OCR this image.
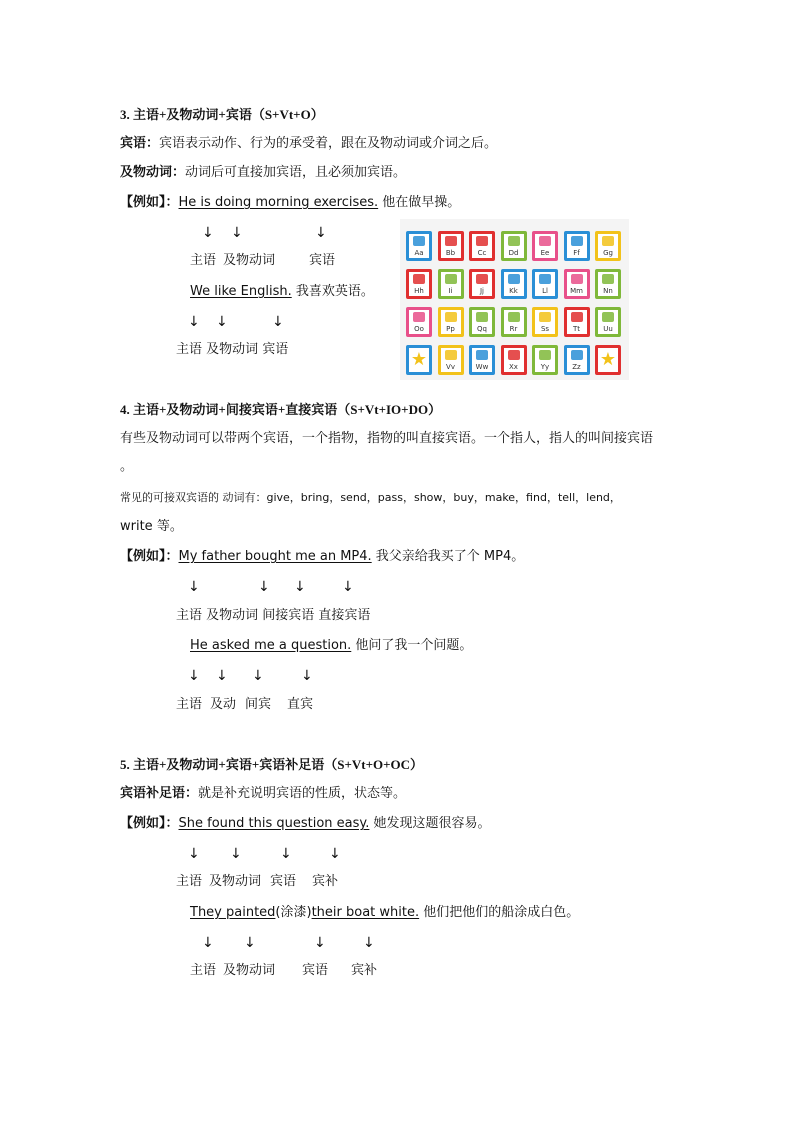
3. 主语+及物动词+宾语（S+Vt+O）
宾语：宾语表示动作、行为的承受着，跟在及物动词或介词之后。
及物动词：动词后可直接加宾语，且必须加宾语。
【例如】：He is doing morning exercises. 他在做早操。
↓ ↓	↓
主语 及物动词	宾语
We like English. 我喜欢英语。
↓ ↓	↓
主语 及物动词 宾语
Aa	Bb	Cc	Dd	Ee	Ff	Gg
Hh	Ii	Jj	Kk	Ll	Mm	Nn
Oo	Pp	Qq	Rr	Ss	Tt	Uu
★	Vv	Ww	Xx	Yy	Zz	★
4. 主语+及物动词+间接宾语+直接宾语（S+Vt+IO+DO）
有些及物动词可以带两个宾语，一个指物，指物的叫直接宾语。一个指人，指人的叫间接宾语
。
常见的可接双宾语的 动词有：give，bring，send，pass，show，buy，make，find，tell，lend，
write 等。
【例如】：My father bought me an MP4. 我父亲给我买了个 MP4。
↓	↓ ↓	↓
主语 及物动词 间接宾语 直接宾语
He asked me a question. 他问了我一个问题。
↓ ↓ ↓	↓
主语 及动 间宾 直宾
5. 主语+及物动词+宾语+宾语补足语（S+Vt+O+OC）
宾语补足语：就是补充说明宾语的性质，状态等。
【例如】：She found this question easy. 她发现这题很容易。
↓ ↓	↓	↓
主语 及物动词 宾语 宾补
They painted(涂漆)their boat white. 他们把他们的船涂成白色。
↓ ↓	↓	↓
主语 及物动词 宾语 宾补
